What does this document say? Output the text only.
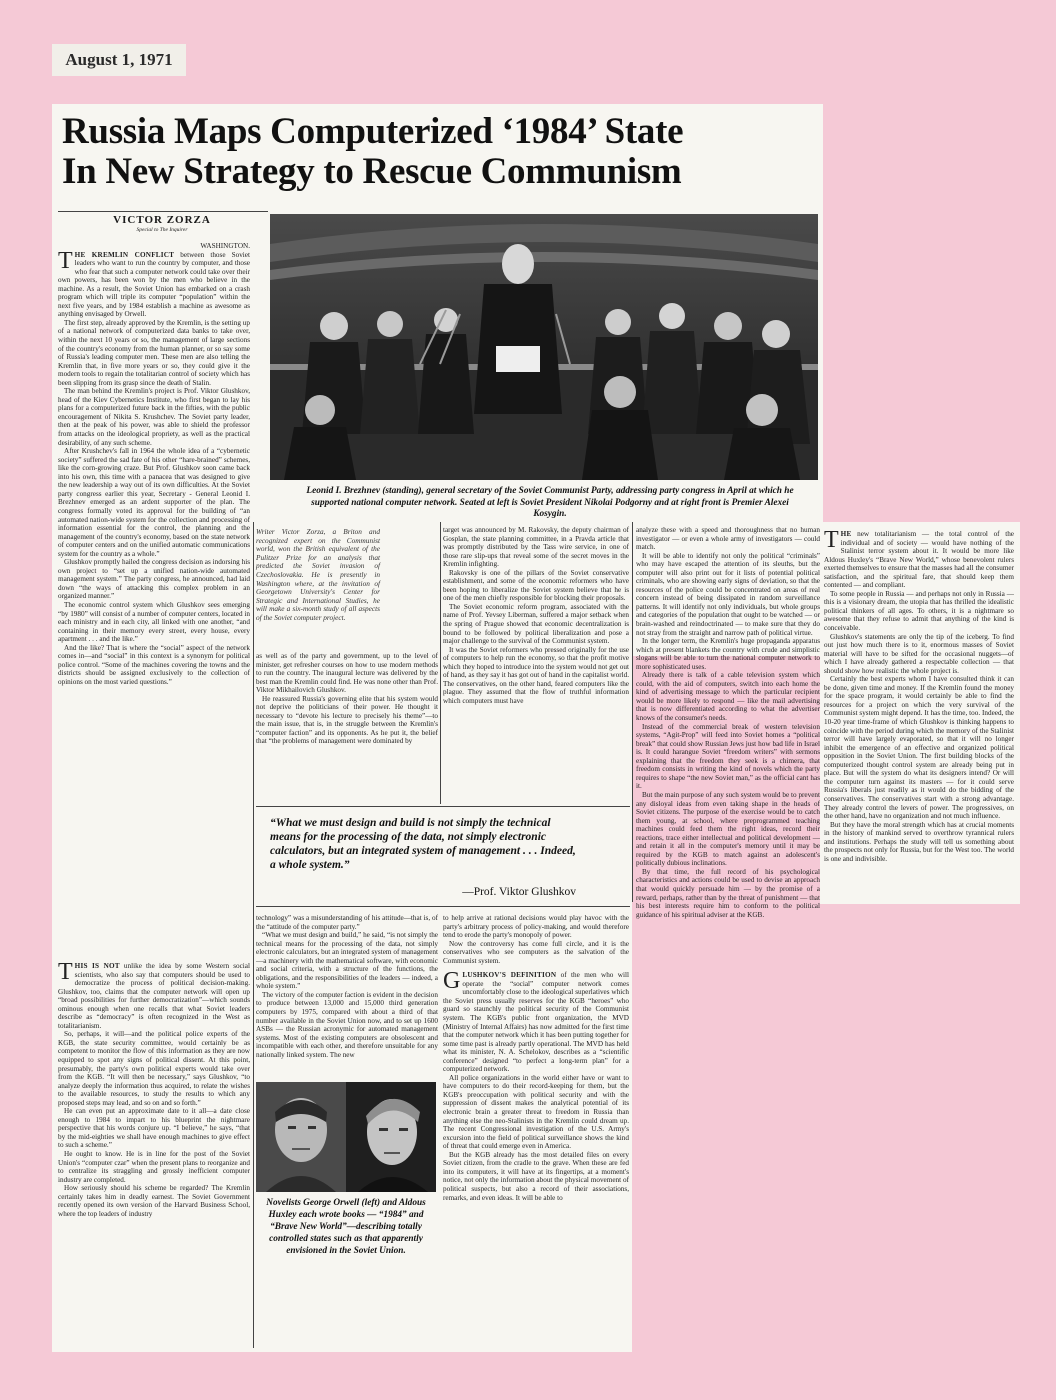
August 1, 1971
Russia Maps Computerized ‘1984’ State
In New Strategy to Rescue Communism
VICTOR ZORZA
Special to The Inquirer
Leonid I. Brezhnev (standing), general secretary of the Soviet Communist Party, addressing party congress in April at which he supported national computer network. Seated at left is Soviet President Nikolai Podgorny and at right front is Premier Alexei Kosygin.

WASHINGTON.

THE KREMLIN CONFLICT between those Soviet leaders who want to run the country by computer, and those who fear that such a computer network could take over their own powers, has been won by the men who believe in the machine. As a result, the Soviet Union has embarked on a crash program which will triple its computer “population” within the next five years, and by 1984 establish a machine as awesome as anything envisaged by Orwell.

The first step, already approved by the Kremlin, is the setting up of a national network of computerized data banks to take over, within the next 10 years or so, the management of large sections of the country's economy from the human planner, or so say some of Russia's leading computer men. These men are also telling the Kremlin that, in five more years or so, they could give it the modern tools to regain the totalitarian control of society which has been slipping from its grasp since the death of Stalin.

The man behind the Kremlin's project is Prof. Viktor Glushkov, head of the Kiev Cybernetics Institute, who first began to lay his plans for a computerized future back in the fifties, with the public encouragement of Nikita S. Krushchev. The Soviet party leader, then at the peak of his power, was able to shield the professor from attacks on the ideological propriety, as well as the practical desirability, of any such scheme.

After Krushchev's fall in 1964 the whole idea of a “cybernetic society” suffered the sad fate of his other “hare-brained” schemes, like the corn-growing craze. But Prof. Glushkov soon came back into his own, this time with a panacea that was designed to give the new leadership a way out of its own difficulties. At the Soviet party congress earlier this year, Secretary - General Leonid I. Brezhnev emerged as an ardent supporter of the plan. The congress formally voted its approval for the building of “an automated nation-wide system for the collection and processing of information essential for the control, the planning and the management of the country's economy, based on the state network of computer centers and on the unified automatic communications system for the country as a whole.”

Glushkov promptly hailed the congress decision as indorsing his own project to “set up a unified nation-wide automated management system.” The party congress, he announced, had laid down “the ways of attacking this complex problem in an organized manner.”

The economic control system which Glushkov sees emerging “by 1980” will consist of a number of computer centers, located in each ministry and in each city, all linked with one another, “and containing in their memory every street, every house, every apartment . . . and the like.”

And the like? That is where the “social” aspect of the network comes in—and “social” in this context is a synonym for political police control. “Some of the machines covering the towns and the districts should be assigned exclusively to the collection of opinions on the most varied questions.”

THIS IS NOT unlike the idea by some Western social scientists, who also say that computers should be used to democratize the process of political decision-making. Glushkov, too, claims that the computer network will open up “broad possibilities for further democratization”—which sounds ominous enough when one recalls that what Soviet leaders describe as “democracy” is often recognized in the West as totalitarianism.

So, perhaps, it will—and the political police experts of the KGB, the state security committee, would certainly be as competent to monitor the flow of this information as they are now equipped to spot any signs of political dissent. At this point, presumably, the party's own political experts would take over from the KGB. “It will then be necessary,” says Glushkov, “to analyze deeply the information thus acquired, to relate the wishes to the available resources, to study the results to which any proposed steps may lead, and so on and so forth.”

He can even put an approximate date to it all—a date close enough to 1984 to impart to his blueprint the nightmare perspective that his words conjure up. “I believe,” he says, “that by the mid-eighties we shall have enough machines to give effect to such a scheme.”

He ought to know. He is in line for the post of the Soviet Union's “computer czar” when the present plans to reorganize and to centralize its straggling and grossly inefficient computer industry are completed.

How seriously should his scheme be regarded? The Kremlin certainly takes him in deadly earnest. The Soviet Government recently opened its own version of the Harvard Business School, where the top leaders of industry

Writer Victor Zorza, a Briton and recognized expert on the Communist world, won the British equivalent of the Pulitzer Prize for an analysis that predicted the Soviet invasion of Czechoslovakia. He is presently in Washington where, at the invitation of Georgetown University's Center for Strategic and International Studies, he will make a six-month study of all aspects of the Soviet computer project.

as well as of the party and government, up to the level of minister, get refresher courses on how to use modern methods to run the country. The inaugural lecture was delivered by the best man the Kremlin could find. He was none other than Prof. Viktor Mikhailovich Glushkov.

He reassured Russia's governing elite that his system would not deprive the politicians of their power. He thought it necessary to “devote his lecture to precisely his theme”—to the main issue, that is, in the struggle between the Kremlin's “computer faction” and its opponents. As he put it, the belief that “the problems of management were dominated by

target was announced by M. Rakovsky, the deputy chairman of Gosplan, the state planning committee, in a Pravda article that was promptly distributed by the Tass wire service, in one of those rare slip-ups that reveal some of the secret moves in the Kremlin infighting.

Rakovsky is one of the pillars of the Soviet conservative establishment, and some of the economic reformers who have been hoping to liberalize the Soviet system believe that he is one of the men chiefly responsible for blocking their proposals.

The Soviet economic reform program, associated with the name of Prof. Yevsey Liberman, suffered a major setback when the spring of Prague showed that economic decentralization is bound to be followed by political liberalization and pose a major challenge to the survival of the Communist system.

It was the Soviet reformers who pressed originally for the use of computers to help run the economy, so that the profit motive which they hoped to introduce into the system would not get out of hand, as they say it has got out of hand in the capitalist world. The conservatives, on the other hand, feared computers like the plague. They assumed that the flow of truthful information which computers must have

“What we must design and build is not simply the technical means for the processing of the data, not simply electronic calculators, but an integrated system of management . . . Indeed, a whole system.”
—Prof. Viktor Glushkov

technology” was a misunderstanding of his attitude—that is, of the “attitude of the computer party.”

“What we must design and build,” he said, “is not simply the technical means for the processing of the data, not simply electronic calculators, but an integrated system of management—a machinery with the mathematical software, with economic and social criteria, with a structure of the functions, the obligations, and the responsibilities of the leaders — indeed, a whole system.”

The victory of the computer faction is evident in the decision to produce between 13,000 and 15,000 third generation computers by 1975, compared with about a third of that number available in the Soviet Union now, and to set up 1600 ASBs — the Russian acronymic for automated management systems. Most of the existing computers are obsolescent and incompatible with each other, and therefore unsuitable for any nationally linked system. The new

Novelists George Orwell (left) and Aldous Huxley each wrote books — “1984” and “Brave New World”—describing totally controlled states such as that apparently envisioned in the Soviet Union.

to help arrive at rational decisions would play havoc with the party's arbitrary process of policy-making, and would therefore tend to erode the party's monopoly of power.

Now the controversy has come full circle, and it is the conservatives who see computers as the salvation of the Communist system.

GLUSHKOV'S DEFINITION of the men who will operate the “social” computer network comes uncomfortably close to the ideological superlatives which the Soviet press usually reserves for the KGB “heroes” who guard so staunchly the political security of the Communist system. The KGB's public front organization, the MVD (Ministry of Internal Affairs) has now admitted for the first time that the computer network which it has been putting together for some time past is already partly operational. The MVD has held what its minister, N. A. Schelokov, describes as a “scientific conference” designed “to perfect a long-term plan” for a computerized network.

All police organizations in the world either have or want to have computers to do their record-keeping for them, but the KGB's preoccupation with political security and with the suppression of dissent makes the analytical potential of its electronic brain a greater threat to freedom in Russia than anything else the neo-Stalinists in the Kremlin could dream up. The recent Congressional investigation of the U.S. Army's excursion into the field of political surveillance shows the kind of threat that could emerge even in America.

But the KGB already has the most detailed files on every Soviet citizen, from the cradle to the grave. When these are fed into its computers, it will have at its fingertips, at a moment's notice, not only the information about the physical movement of political suspects, but also a record of their associations, remarks, and even ideas. It will be able to

analyze these with a speed and thoroughness that no human investigator — or even a whole army of investigators — could match.

It will be able to identify not only the political “criminals” who may have escaped the attention of its sleuths, but the computer will also print out for it lists of potential political criminals, who are showing early signs of deviation, so that the resources of the police could be concentrated on areas of real concern instead of being dissipated in random surveillance patterns. It will identify not only individuals, but whole groups and categories of the population that ought to be watched — or brain-washed and reindoctrinated — to make sure that they do not stray from the straight and narrow path of political virtue.

In the longer term, the Kremlin's huge propaganda apparatus which at present blankets the country with crude and simplistic slogans will be able to turn the national computer network to more sophisticated uses.

Already there is talk of a cable television system which could, with the aid of computers, switch into each home the kind of advertising message to which the particular recipient would be more likely to respond — like the mail advertising that is now differentiated according to what the advertiser knows of the consumer's needs.

Instead of the commercial break of western television systems, “Agit-Prop” will feed into Soviet homes a “political break” that could show Russian Jews just how bad life in Israel is. It could harangue Soviet “freedom writers” with sermons explaining that the freedom they seek is a chimera, that freedom consists in writing the kind of novels which the party requires to shape “the new Soviet man,” as the official cant has it.

But the main purpose of any such system would be to prevent any disloyal ideas from even taking shape in the heads of Soviet citizens. The purpose of the exercise would be to catch them young, at school, where preprogrammed teaching machines could feed them the right ideas, record their reactions, trace either intellectual and political development — and retain it all in the computer's memory until it may be required by the KGB to match against an adolescent's politically dubious inclinations.

By that time, the full record of his psychological characteristics and actions could be used to devise an approach that would quickly persuade him — by the promise of a reward, perhaps, rather than by the threat of punishment — that his best interests require him to conform to the political guidance of his spiritual adviser at the KGB.

THE new totalitarianism — the total control of the individual and of society — would have nothing of the Stalinist terror system about it. It would be more like Aldous Huxley's “Brave New World,” whose benevolent rulers exerted themselves to ensure that the masses had all the consumer satisfaction, and the spiritual fare, that should keep them contented — and compliant.

To some people in Russia — and perhaps not only in Russia — this is a visionary dream, the utopia that has thrilled the idealistic political thinkers of all ages. To others, it is a nightmare so awesome that they refuse to admit that anything of the kind is conceivable.

Glushkov's statements are only the tip of the iceberg. To find out just how much there is to it, enormous masses of Soviet material will have to be sifted for the occasional nuggets—of which I have already gathered a respectable collection — that should show how realistic the whole project is.

Certainly the best experts whom I have consulted think it can be done, given time and money. If the Kremlin found the money for the space program, it would certainly be able to find the resources for a project on which the very survival of the Communist system might depend. It has the time, too. Indeed, the 10-20 year time-frame of which Glushkov is thinking happens to coincide with the period during which the memory of the Stalinist terror will have largely evaporated, so that it will no longer inhibit the emergence of an effective and organized political opposition in the Soviet Union. The first building blocks of the computerized thought control system are already being put in place. But will the system do what its designers intend? Or will the computer turn against its masters — for it could serve Russia's liberals just readily as it would do the bidding of the conservatives. The conservatives start with a strong advantage. They already control the levers of power. The progressives, on the other hand, have no organization and not much influence.

But they have the moral strength which has at crucial moments in the history of mankind served to overthrow tyrannical rulers and institutions. Perhaps the study will tell us something about the prospects not only for Russia, but for the West too. The world is one and indivisible.
